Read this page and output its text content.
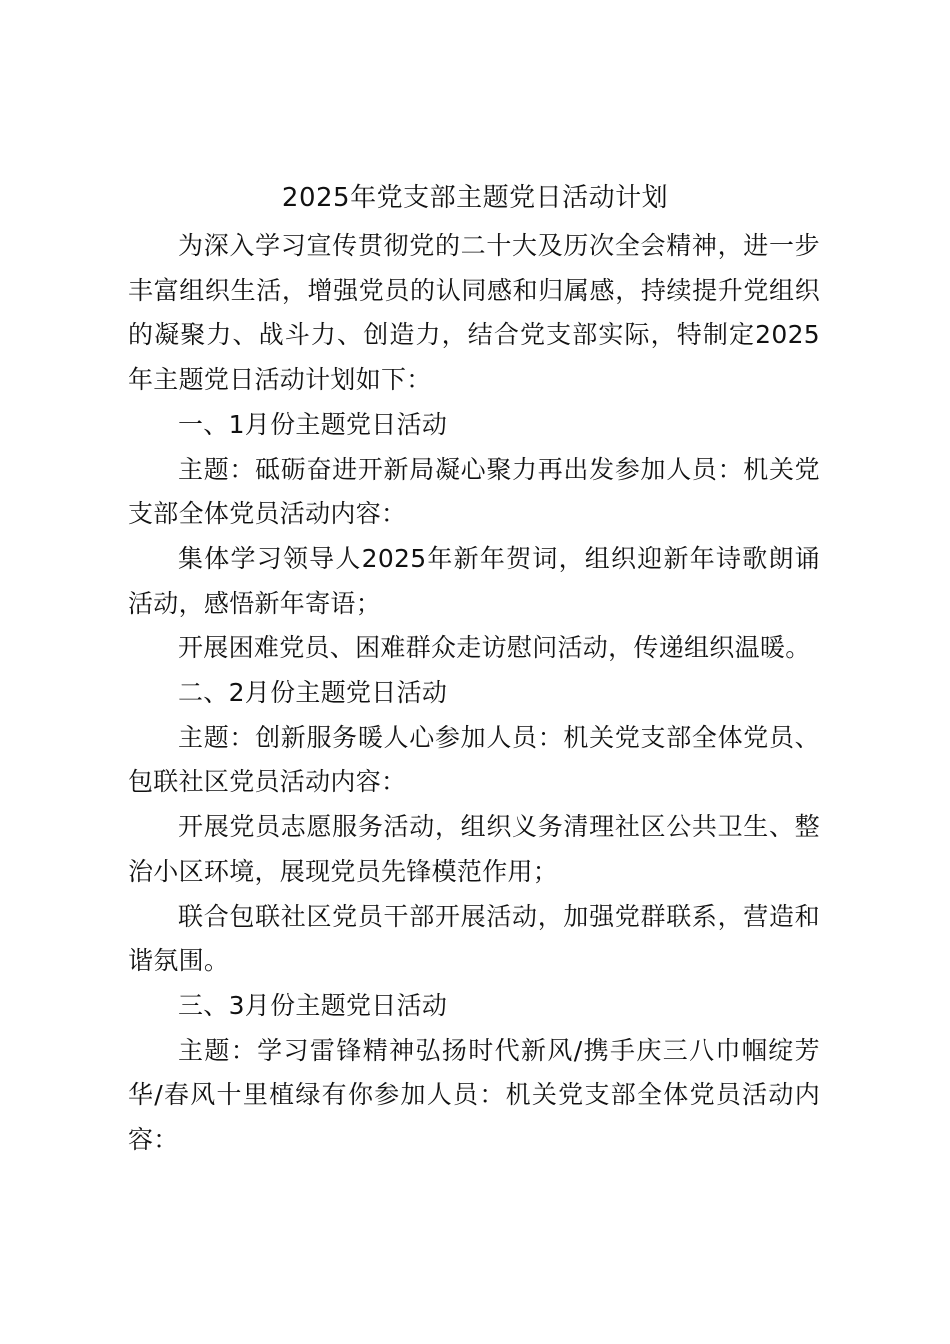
2025年党支部主题党日活动计划

为深入学习宣传贯彻党的二十大及历次全会精神，进一步丰富组织生活，增强党员的认同感和归属感，持续提升党组织的凝聚力、战斗力、创造力，结合党支部实际，特制定2025年主题党日活动计划如下：

一、1月份主题党日活动

主题：砥砺奋进开新局凝心聚力再出发参加人员：机关党支部全体党员活动内容：

集体学习领导人2025年新年贺词，组织迎新年诗歌朗诵活动，感悟新年寄语；

开展困难党员、困难群众走访慰问活动，传递组织温暖。

二、2月份主题党日活动

主题：创新服务暖人心参加人员：机关党支部全体党员、包联社区党员活动内容：

开展党员志愿服务活动，组织义务清理社区公共卫生、整治小区环境，展现党员先锋模范作用；

联合包联社区党员干部开展活动，加强党群联系，营造和谐氛围。

三、3月份主题党日活动

主题：学习雷锋精神弘扬时代新风/携手庆三八巾帼绽芳华/春风十里植绿有你参加人员：机关党支部全体党员活动内容：
